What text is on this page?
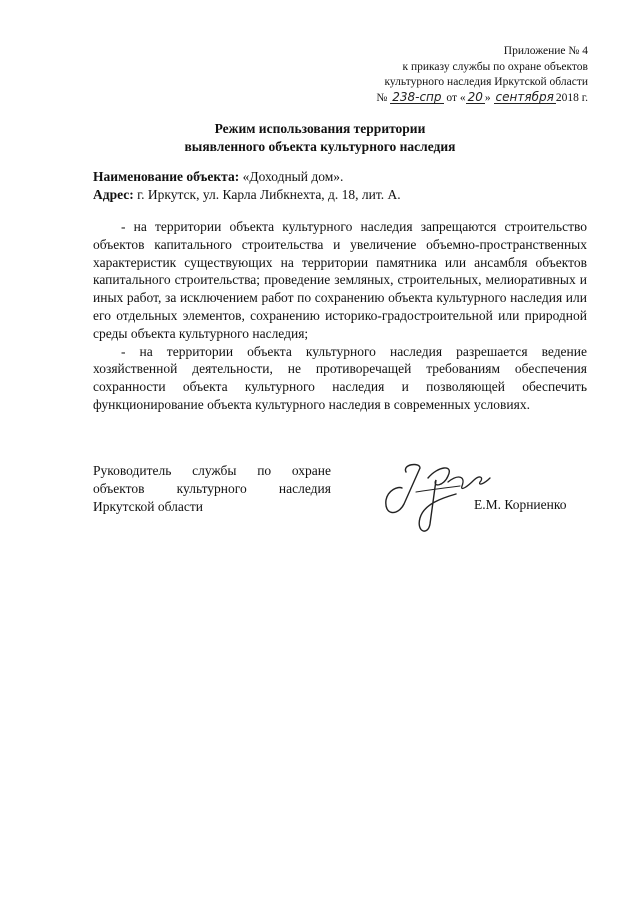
Приложение № 4
к приказу службы по охране объектов
культурного наследия Иркутской области
№ 238-спр от « 20 » сентября 2018 г.
Режим использования территории
выявленного объекта культурного наследия
Наименование объекта: «Доходный дом».
Адрес: г. Иркутск, ул. Карла Либкнехта, д. 18, лит. А.

- на территории объекта культурного наследия запрещаются строительство объектов капитального строительства и увеличение объемно-пространственных характеристик существующих на территории памятника или ансамбля объектов капитального строительства; проведение земляных, строительных, мелиоративных и иных работ, за исключением работ по сохранению объекта культурного наследия или его отдельных элементов, сохранению историко-градостроительной или природной среды объекта культурного наследия;

- на территории объекта культурного наследия разрешается ведение хозяйственной деятельности, не противоречащей требованиям обеспечения сохранности объекта культурного наследия и позволяющей обеспечить функционирование объекта культурного наследия в современных условиях.

Руководитель службы по охране
объектов культурного наследия
Иркутской области	Е.М. Корниенко
